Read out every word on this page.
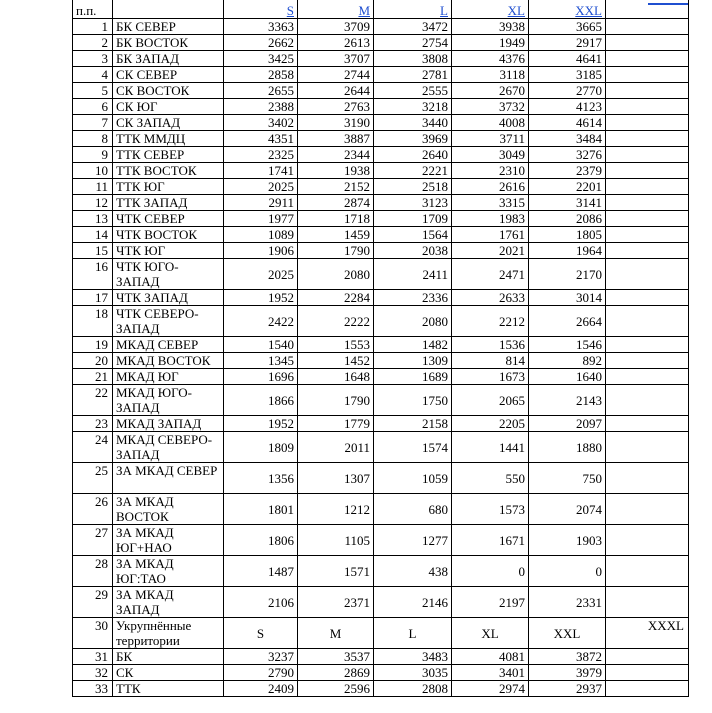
п.п.		S	M	L	XL	XXL	
1	БК СЕВЕР	3363	3709	3472	3938	3665	
2	БК ВОСТОК	2662	2613	2754	1949	2917	
3	БК ЗАПАД	3425	3707	3808	4376	4641	
4	СК СЕВЕР	2858	2744	2781	3118	3185	
5	СК ВОСТОК	2655	2644	2555	2670	2770	
6	СК ЮГ	2388	2763	3218	3732	4123	
7	СК ЗАПАД	3402	3190	3440	4008	4614	
8	ТТК ММДЦ	4351	3887	3969	3711	3484	
9	ТТК СЕВЕР	2325	2344	2640	3049	3276	
10	ТТК ВОСТОК	1741	1938	2221	2310	2379	
11	ТТК ЮГ	2025	2152	2518	2616	2201	
12	ТТК ЗАПАД	2911	2874	3123	3315	3141	
13	ЧТК СЕВЕР	1977	1718	1709	1983	2086	
14	ЧТК ВОСТОК	1089	1459	1564	1761	1805	
15	ЧТК ЮГ	1906	1790	2038	2021	1964	
16	ЧТК ЮГО-ЗАПАД	2025	2080	2411	2471	2170	
17	ЧТК ЗАПАД	1952	2284	2336	2633	3014	
18	ЧТК СЕВЕРО-ЗАПАД	2422	2222	2080	2212	2664	
19	МКАД СЕВЕР	1540	1553	1482	1536	1546	
20	МКАД ВОСТОК	1345	1452	1309	814	892	
21	МКАД ЮГ	1696	1648	1689	1673	1640	
22	МКАД ЮГО-ЗАПАД	1866	1790	1750	2065	2143	
23	МКАД ЗАПАД	1952	1779	2158	2205	2097	
24	МКАД СЕВЕРО-ЗАПАД	1809	2011	1574	1441	1880	
25	ЗА МКАД СЕВЕР	1356	1307	1059	550	750	
26	ЗА МКАД ВОСТОК	1801	1212	680	1573	2074	
27	ЗА МКАД ЮГ+НАО	1806	1105	1277	1671	1903	
28	ЗА МКАД ЮГ:ТАО	1487	1571	438	0	0	
29	ЗА МКАД ЗАПАД	2106	2371	2146	2197	2331	
30	Укрупнённые территории	S	M	L	XL	XXL	XXXL
31	БК	3237	3537	3483	4081	3872	
32	СК	2790	2869	3035	3401	3979	
33	ТТК	2409	2596	2808	2974	2937	
